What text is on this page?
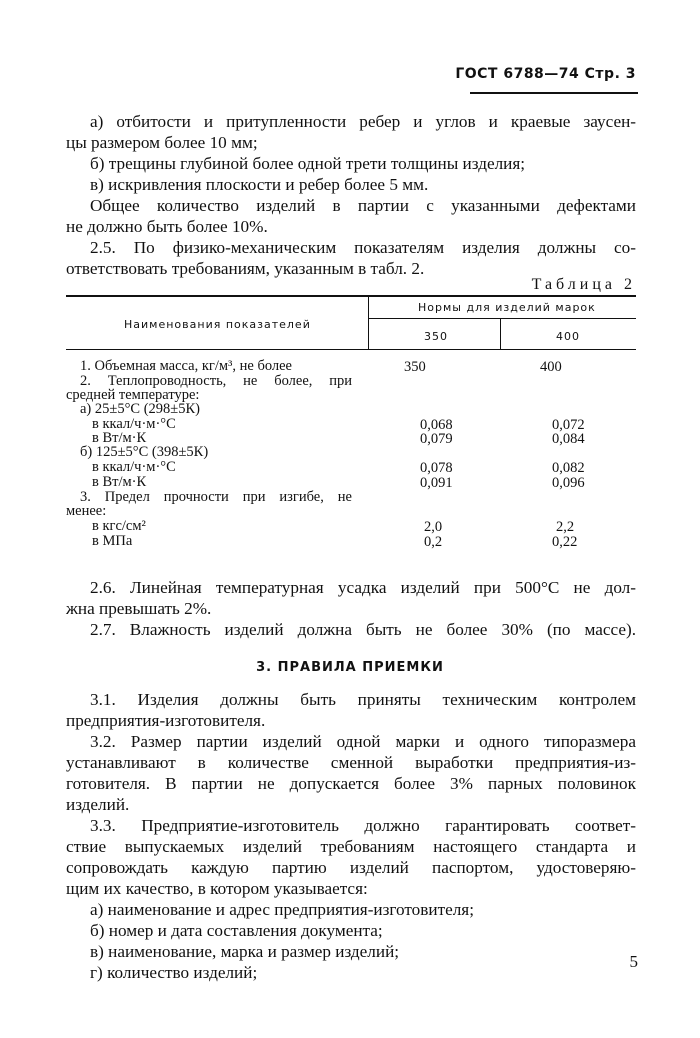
ГОСТ 6788—74 Стр. 3
а) отбитости и притупленности ребер и углов и краевые заусен-
цы размером более 10 мм;
б) трещины глубиной более одной трети толщины изделия;
в) искривления плоскости и ребер более 5 мм.
Общее количество изделий в партии с указанными дефектами
не должно быть более 10%.
2.5. По физико-механическим показателям изделия должны со-
ответствовать требованиям, указанным в табл. 2.
Таблица 2
Наименования показателей
Нормы для изделий марок
350	400
1. Объемная масса, кг/м³, не более	350	400
2. Теплопроводность, не более, при
средней температуре:
а) 25±5°С (298±5К)
в ккал/ч·м·°С	0,068	0,072
в Вт/м·К	0,079	0,084
б) 125±5°С (398±5К)
в ккал/ч·м·°С	0,078	0,082
в Вт/м·К	0,091	0,096
3. Предел прочности при изгибе, не
менее:
в кгс/см²	2,0	2,2
в МПа	0,2	0,22
2.6. Линейная температурная усадка изделий при 500°С не дол-
жна превышать 2%.
2.7. Влажность изделий должна быть не более 30% (по массе).
3. ПРАВИЛА ПРИЕМКИ
3.1. Изделия должны быть приняты техническим контролем
предприятия-изготовителя.
3.2. Размер партии изделий одной марки и одного типоразмера
устанавливают в количестве сменной выработки предприятия-из-
готовителя. В партии не допускается более 3% парных половинок
изделий.
3.3. Предприятие-изготовитель должно гарантировать соответ-
ствие выпускаемых изделий требованиям настоящего стандарта и
сопровождать каждую партию изделий паспортом, удостоверяю-
щим их качество, в котором указывается:
а) наименование и адрес предприятия-изготовителя;
б) номер и дата составления документа;
в) наименование, марка и размер изделий;
г) количество изделий;
5
